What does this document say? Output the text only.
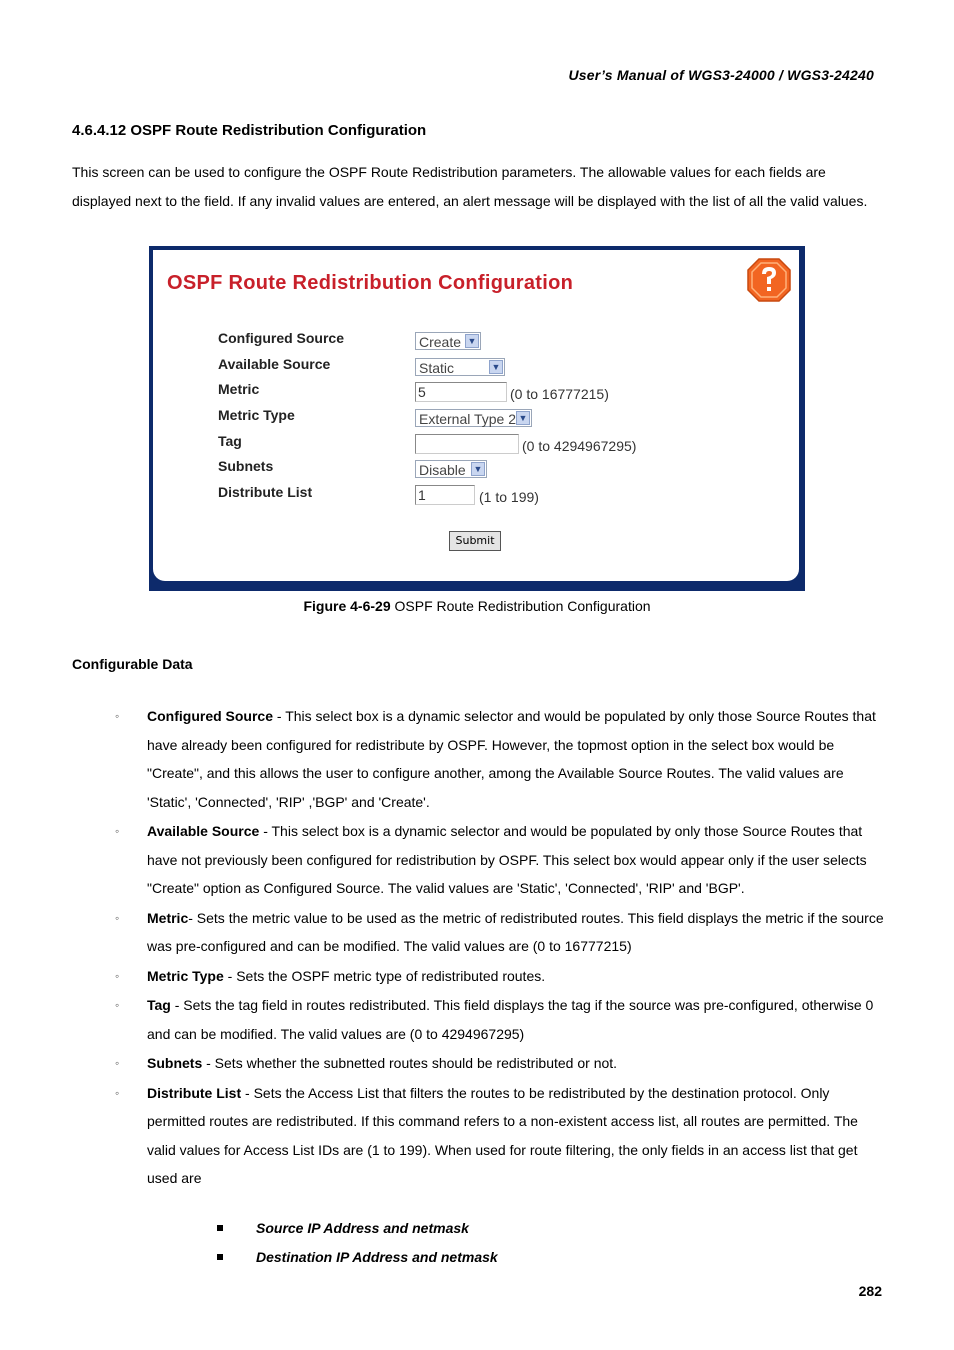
User’s Manual of WGS3-24000 / WGS3-24240
4.6.4.12 OSPF Route Redistribution Configuration
This screen can be used to configure the OSPF Route Redistribution parameters. The allowable values for each fields are displayed next to the field. If any invalid values are entered, an alert message will be displayed with the list of all the valid values.
OSPF Route Redistribution Configuration
Configured Source	Create ▼
Available Source	Static	▼
Metric	5	(0 to 16777215)
Metric Type	External Type 2 ▼
Tag	(0 to 4294967295)
Subnets	Disable ▼
Distribute List	1	(1 to 199)
Submit
Figure 4-6-29 OSPF Route Redistribution Configuration
Configurable Data

◦ Configured Source - This select box is a dynamic selector and would be populated by only those Source Routes that have already been configured for redistribute by OSPF. However, the topmost option in the select box would be "Create", and this allows the user to configure another, among the Available Source Routes. The valid values are 'Static', 'Connected', 'RIP' ,'BGP' and 'Create'.

◦ Available Source - This select box is a dynamic selector and would be populated by only those Source Routes that have not previously been configured for redistribution by OSPF. This select box would appear only if the user selects "Create" option as Configured Source. The valid values are 'Static', 'Connected', 'RIP' and 'BGP'.

◦ Metric- Sets the metric value to be used as the metric of redistributed routes. This field displays the metric if the source was pre-configured and can be modified. The valid values are (0 to 16777215)

◦ Metric Type - Sets the OSPF metric type of redistributed routes.

◦ Tag - Sets the tag field in routes redistributed. This field displays the tag if the source was pre-configured, otherwise 0 and can be modified. The valid values are (0 to 4294967295)

◦ Subnets - Sets whether the subnetted routes should be redistributed or not.

◦ Distribute List - Sets the Access List that filters the routes to be redistributed by the destination protocol. Only permitted routes are redistributed. If this command refers to a non-existent access list, all routes are permitted. The valid values for Access List IDs are (1 to 199). When used for route filtering, the only fields in an access list that get used are

Source IP Address and netmask
Destination IP Address and netmask
282
